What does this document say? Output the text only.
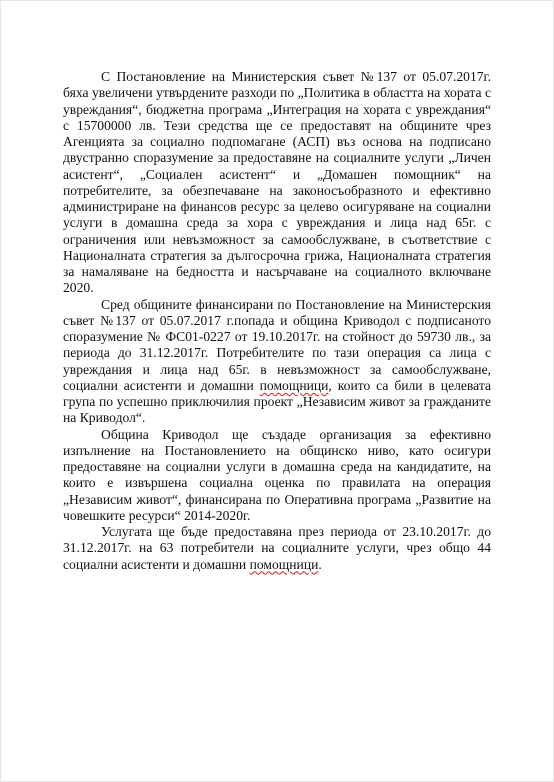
С Постановление на Министерския съвет №137 от 05.07.2017г. бяха увеличени утвърдените разходи по „Политика в областта на хората с увреждания“, бюджетна програма „Интеграция на хората с увреждания“ с 15700000 лв. Тези средства ще се предоставят на общините чрез Агенцията за социално подпомагане (АСП) въз основа на подписано двустранно споразумение за предоставяне на социалните услуги „Личен асистент“, „Социален асистент“ и „Домашен помощник“ на потребителите, за обезпечаване на законосъобразното и ефективно администриране на финансов ресурс за целево осигуряване на социални услуги в домашна среда за хора с увреждания и лица над 65г. с ограничения или невъзможност за самообслужване, в съответствие с Националната стратегия за дългосрочна грижа, Националната стратегия за намаляване на бедността и насърчаване на социалното включване 2020.

Сред общините финансирани по Постановление на Министерския съвет №137 от 05.07.2017 г.попада и община Криводол с подписаното споразумение № ФС01-0227 от 19.10.2017г. на стойност до 59730 лв., за периода до 31.12.2017г. Потребителите по тази операция са лица с увреждания и лица над 65г. в невъзможност за самообслужване, социални асистенти и домашни помощници, които са били в целевата група по успешно приключилия проект „Независим живот за гражданите на Криводол“.

Община Криводол ще създаде организация за ефективно изпълнение на Постановлението на общинско ниво, като осигури предоставяне на социални услуги в домашна среда на кандидатите, на които е извършена социална оценка по правилата на операция „Независим живот“, финансирана по Оперативна програма „Развитие на човешките ресурси“ 2014-2020г.

Услугата ще бъде предоставяна през периода от 23.10.2017г. до 31.12.2017г. на 63 потребители на социалните услуги, чрез общо 44 социални асистенти и домашни помощници.
